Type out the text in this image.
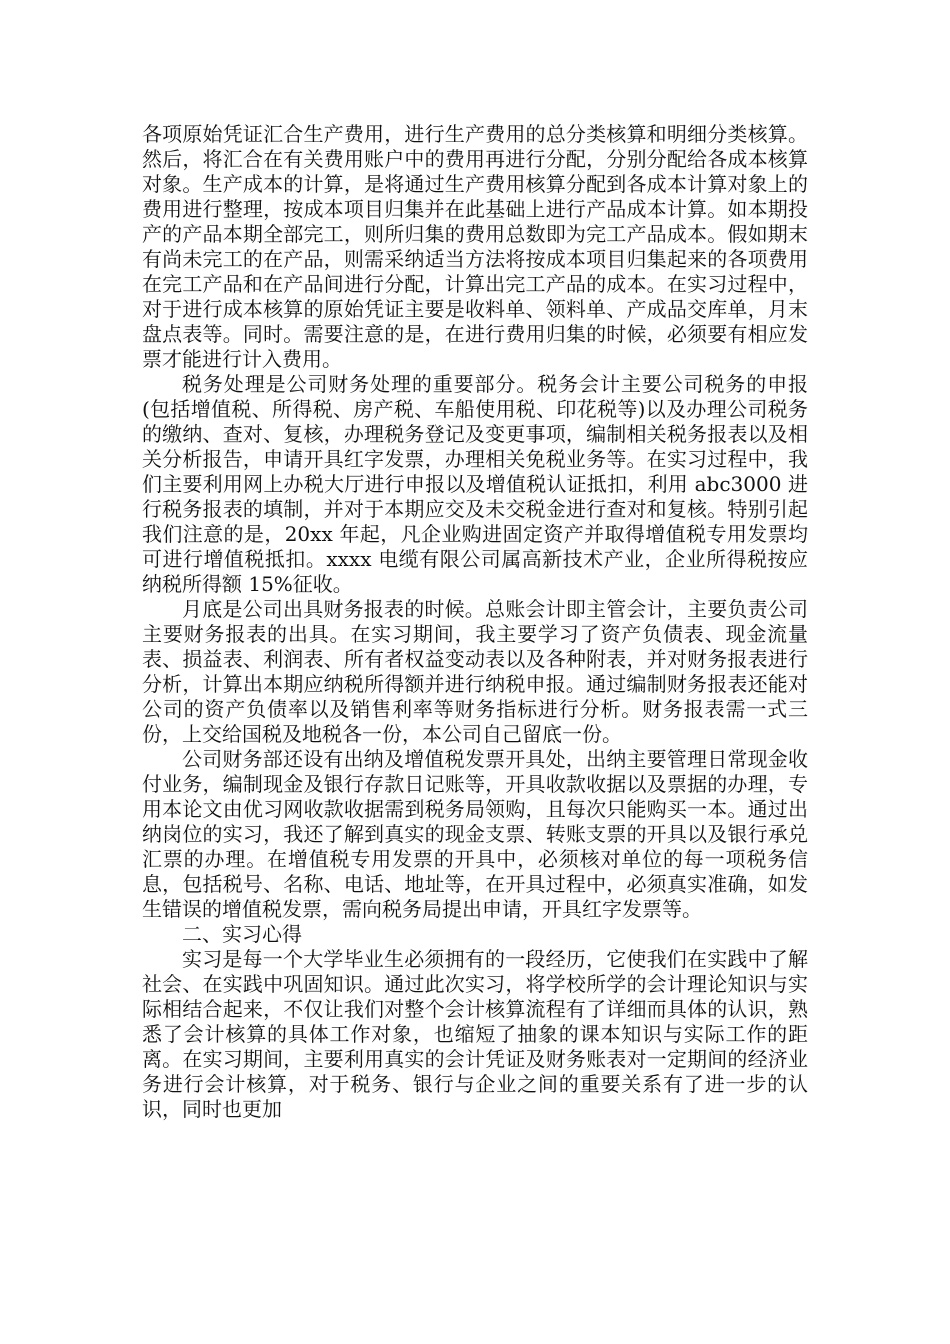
各项原始凭证汇合生产费用，进行生产费用的总分类核算和明细分类核算。然后，将汇合在有关费用账户中的费用再进行分配，分别分配给各成本核算对象。生产成本的计算，是将通过生产费用核算分配到各成本计算对象上的费用进行整理，按成本项目归集并在此基础上进行产品成本计算。如本期投产的产品本期全部完工，则所归集的费用总数即为完工产品成本。假如期末有尚未完工的在产品，则需采纳适当方法将按成本项目归集起来的各项费用在完工产品和在产品间进行分配，计算出完工产品的成本。在实习过程中，对于进行成本核算的原始凭证主要是收料单、领料单、产成品交库单，月末盘点表等。同时。需要注意的是，在进行费用归集的时候，必须要有相应发票才能进行计入费用。

税务处理是公司财务处理的重要部分。税务会计主要公司税务的申报(包括增值税、所得税、房产税、车船使用税、印花税等)以及办理公司税务的缴纳、查对、复核，办理税务登记及变更事项，编制相关税务报表以及相关分析报告，申请开具红字发票，办理相关免税业务等。在实习过程中，我们主要利用网上办税大厅进行申报以及增值税认证抵扣，利用 abc3000 进行税务报表的填制，并对于本期应交及未交税金进行查对和复核。特别引起我们注意的是，20xx 年起，凡企业购进固定资产并取得增值税专用发票均可进行增值税抵扣。xxxx 电缆有限公司属高新技术产业，企业所得税按应纳税所得额 15%征收。

月底是公司出具财务报表的时候。总账会计即主管会计，主要负责公司主要财务报表的出具。在实习期间，我主要学习了资产负债表、现金流量表、损益表、利润表、所有者权益变动表以及各种附表，并对财务报表进行分析，计算出本期应纳税所得额并进行纳税申报。通过编制财务报表还能对公司的资产负债率以及销售利率等财务指标进行分析。财务报表需一式三份，上交给国税及地税各一份，本公司自己留底一份。

公司财务部还设有出纳及增值税发票开具处，出纳主要管理日常现金收付业务，编制现金及银行存款日记账等，开具收款收据以及票据的办理，专用本论文由优习网收款收据需到税务局领购，且每次只能购买一本。通过出纳岗位的实习，我还了解到真实的现金支票、转账支票的开具以及银行承兑汇票的办理。在增值税专用发票的开具中，必须核对单位的每一项税务信息，包括税号、名称、电话、地址等，在开具过程中，必须真实准确，如发生错误的增值税发票，需向税务局提出申请，开具红字发票等。

二、实习心得

实习是每一个大学毕业生必须拥有的一段经历，它使我们在实践中了解社会、在实践中巩固知识。通过此次实习，将学校所学的会计理论知识与实际相结合起来，不仅让我们对整个会计核算流程有了详细而具体的认识，熟悉了会计核算的具体工作对象，也缩短了抽象的课本知识与实际工作的距离。在实习期间，主要利用真实的会计凭证及财务账表对一定期间的经济业务进行会计核算，对于税务、银行与企业之间的重要关系有了进一步的认识，同时也更加
